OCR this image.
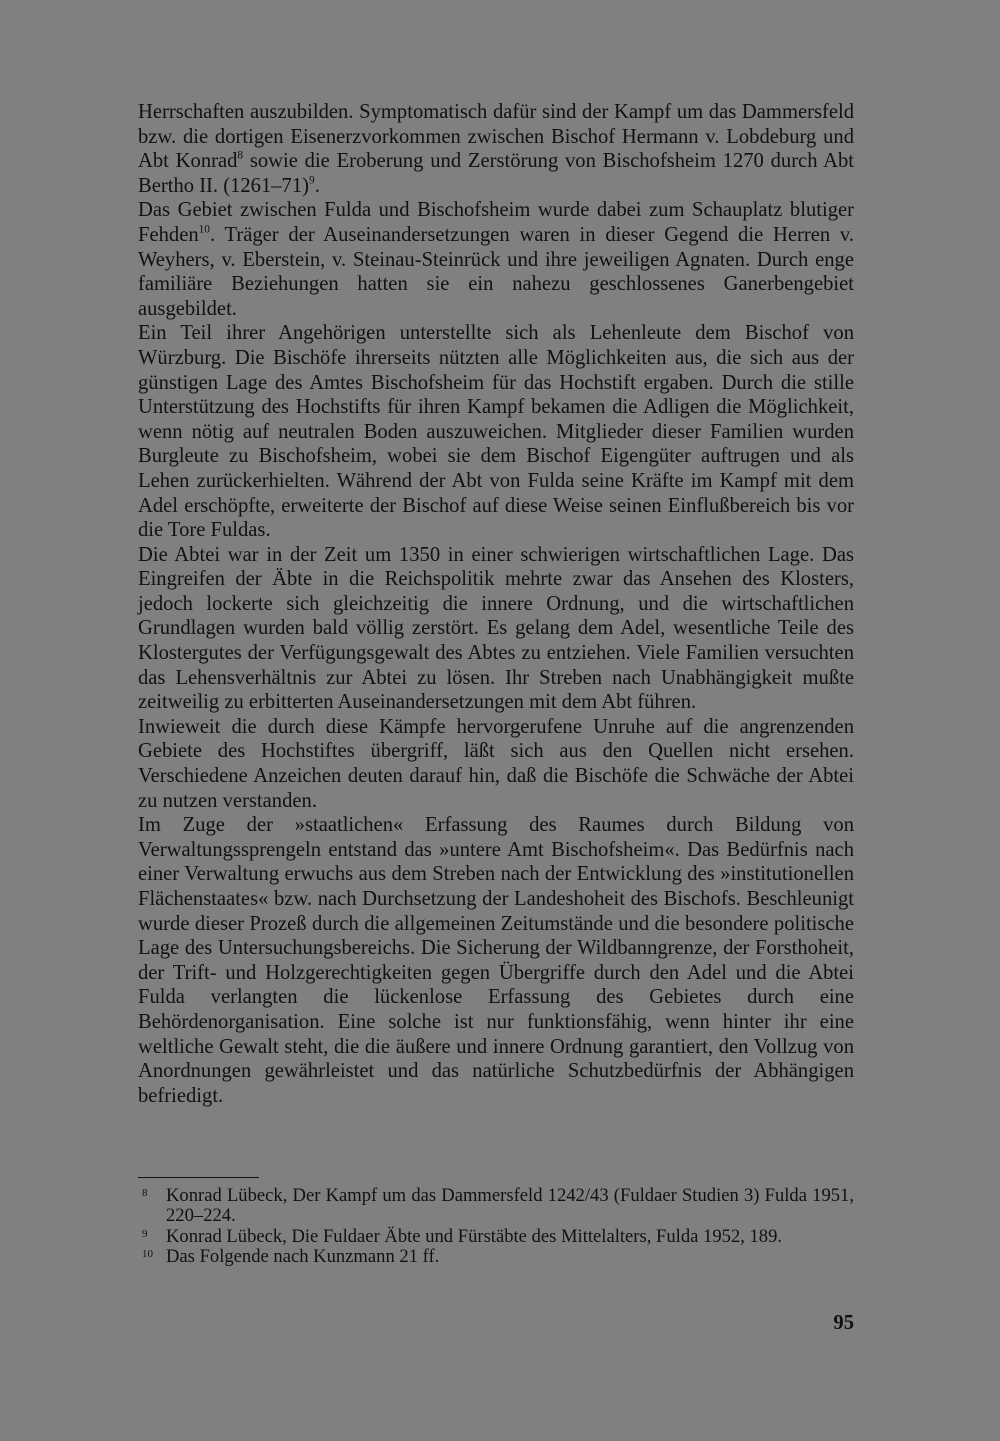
Herrschaften auszubilden. Symptomatisch dafür sind der Kampf um das Dammersfeld bzw. die dortigen Eisenerzvorkommen zwischen Bischof Hermann v. Lobdeburg und Abt Konrad$^8$ sowie die Eroberung und Zerstörung von Bischofsheim 1270 durch Abt Bertho II. (1261–71)$^9$.

Das Gebiet zwischen Fulda und Bischofsheim wurde dabei zum Schauplatz blutiger Fehden$^{10}$. Träger der Auseinandersetzungen waren in dieser Gegend die Herren v. Weyhers, v. Eberstein, v. Steinau-Steinrück und ihre jeweiligen Agnaten. Durch enge familiäre Beziehungen hatten sie ein nahezu geschlossenes Ganerbengebiet ausgebildet.

Ein Teil ihrer Angehörigen unterstellte sich als Lehenleute dem Bischof von Würzburg. Die Bischöfe ihrerseits nützten alle Möglichkeiten aus, die sich aus der günstigen Lage des Amtes Bischofsheim für das Hochstift ergaben. Durch die stille Unterstützung des Hochstifts für ihren Kampf bekamen die Adligen die Möglichkeit, wenn nötig auf neutralen Boden auszuweichen. Mitglieder dieser Familien wurden Burgleute zu Bischofsheim, wobei sie dem Bischof Eigengüter auftrugen und als Lehen zurückerhielten. Während der Abt von Fulda seine Kräfte im Kampf mit dem Adel erschöpfte, erweiterte der Bischof auf diese Weise seinen Einflußbereich bis vor die Tore Fuldas.

Die Abtei war in der Zeit um 1350 in einer schwierigen wirtschaftlichen Lage. Das Eingreifen der Äbte in die Reichspolitik mehrte zwar das Ansehen des Klosters, jedoch lockerte sich gleichzeitig die innere Ordnung, und die wirtschaftlichen Grundlagen wurden bald völlig zerstört. Es gelang dem Adel, wesentliche Teile des Klostergutes der Verfügungsgewalt des Abtes zu entziehen. Viele Familien versuchten das Lehensverhältnis zur Abtei zu lösen. Ihr Streben nach Unabhängigkeit mußte zeitweilig zu erbitterten Auseinandersetzungen mit dem Abt führen.

Inwieweit die durch diese Kämpfe hervorgerufene Unruhe auf die angrenzenden Gebiete des Hochstiftes übergriff, läßt sich aus den Quellen nicht ersehen. Verschiedene Anzeichen deuten darauf hin, daß die Bischöfe die Schwäche der Abtei zu nutzen verstanden.

Im Zuge der »staatlichen« Erfassung des Raumes durch Bildung von Verwaltungssprengeln entstand das »untere Amt Bischofsheim«. Das Bedürfnis nach einer Verwaltung erwuchs aus dem Streben nach der Entwicklung des »institutionellen Flächenstaates« bzw. nach Durchsetzung der Landeshoheit des Bischofs. Beschleunigt wurde dieser Prozeß durch die allgemeinen Zeitumstände und die besondere politische Lage des Untersuchungsbereichs. Die Sicherung der Wildbanngrenze, der Forsthoheit, der Trift- und Holzgerechtigkeiten gegen Übergriffe durch den Adel und die Abtei Fulda verlangten die lückenlose Erfassung des Gebietes durch eine Behördenorganisation. Eine solche ist nur funktionsfähig, wenn hinter ihr eine weltliche Gewalt steht, die die äußere und innere Ordnung garantiert, den Vollzug von Anordnungen gewährleistet und das natürliche Schutzbedürfnis der Abhängigen befriedigt.

8 Konrad Lübeck, Der Kampf um das Dammersfeld 1242/43 (Fuldaer Studien 3) Fulda 1951, 220–224.

9 Konrad Lübeck, Die Fuldaer Äbte und Fürstäbte des Mittelalters, Fulda 1952, 189.

10 Das Folgende nach Kunzmann 21 ff.

95
